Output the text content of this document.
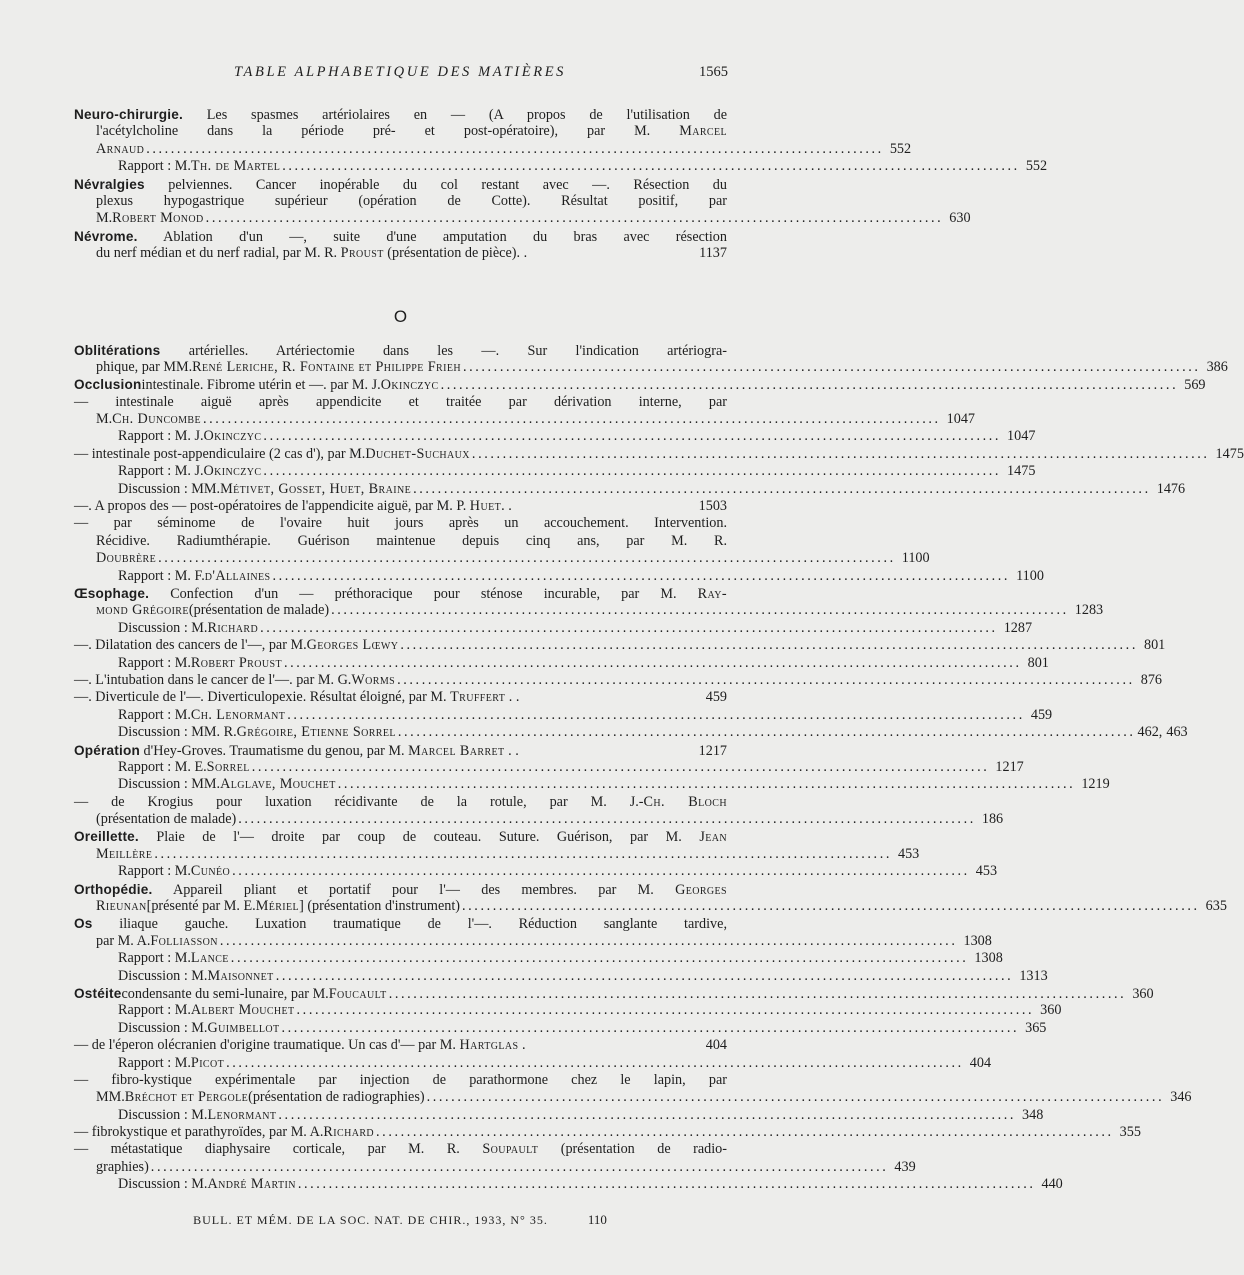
TABLE ALPHABETIQUE DES MATIÈRES	1565
Neuro-chirurgie. Les spasmes artériolaires en — (A propos de l'utilisation de
l'acétylcholine dans la période pré- et post-opératoire), par M. Marcel
Arnaud ........................................................................................................................ 552
Rapport : M. Th. de Martel ........................................................................................................................ 552
Névralgies pelviennes. Cancer inopérable du col restant avec —. Résection du
plexus hypogastrique supérieur (opération de Cotte). Résultat positif, par
M. Robert Monod ........................................................................................................................ 630
Névrome. Ablation d'un —, suite d'une amputation du bras avec résection
du nerf médian et du nerf radial, par M. R. Proust (présentation de pièce). .	1137
O
Oblitérations artérielles. Artériectomie dans les —. Sur l'indication artériogra-
phique, par MM. René Leriche, R. Fontaine et Philippe Frieh ........................................................................................................................ 386
Occlusion intestinale. Fibrome utérin et —. par M. J. Okinczyc ........................................................................................................................ 569
— intestinale aiguë après appendicite et traitée par dérivation interne, par
M. Ch. Duncombe ........................................................................................................................ 1047
Rapport : M. J. Okinczyc ........................................................................................................................ 1047
— intestinale post-appendiculaire (2 cas d'), par M. Duchet-Suchaux ........................................................................................................................ 1475
Rapport : M. J. Okinczyc ........................................................................................................................ 1475
Discussion : MM. Métivet, Gosset, Huet, Braine ........................................................................................................................ 1476
—. A propos des — post-opératoires de l'appendicite aiguë, par M. P. Huet. .	1503
— par séminome de l'ovaire huit jours après un accouchement. Intervention.
Récidive. Radiumthérapie. Guérison maintenue depuis cinq ans, par M. R.
Doubrère ........................................................................................................................ 1100
Rapport : M. F. d'Allaines ........................................................................................................................ 1100
Œsophage. Confection d'un — préthoracique pour sténose incurable, par M. Ray-
mond Grégoire (présentation de malade) ........................................................................................................................ 1283
Discussion : M. Richard ........................................................................................................................ 1287
—. Dilatation des cancers de l'—, par M. Georges Lœwy ........................................................................................................................ 801
Rapport : M. Robert Proust ........................................................................................................................ 801
—. L'intubation dans le cancer de l'—. par M. G. Worms ........................................................................................................................ 876
—. Diverticule de l'—. Diverticulopexie. Résultat éloigné, par M. Truffert . .	459
Rapport : M. Ch. Lenormant ........................................................................................................................ 459
Discussion : MM. R. Grégoire, Etienne Sorrel ........................................................................................................................ 462, 463
Opération d'Hey-Groves. Traumatisme du genou, par M. Marcel Barret . .	1217
Rapport : M. E. Sorrel ........................................................................................................................ 1217
Discussion : MM. Alglave, Mouchet ........................................................................................................................ 1219
— de Krogius pour luxation récidivante de la rotule, par M. J.-Ch. Bloch
(présentation de malade) ........................................................................................................................ 186
Oreillette. Plaie de l'— droite par coup de couteau. Suture. Guérison, par M. Jean
Meillère ........................................................................................................................ 453
Rapport : M. Cunéo ........................................................................................................................ 453
Orthopédie. Appareil pliant et portatif pour l'— des membres. par M. Georges
Rieunan [présenté par M. E. Mériel ] (présentation d'instrument) ........................................................................................................................ 635
Os iliaque gauche. Luxation traumatique de l'—. Réduction sanglante tardive,
par M. A. Folliasson ........................................................................................................................ 1308
Rapport : M. Lance ........................................................................................................................ 1308
Discussion : M. Maisonnet ........................................................................................................................ 1313
Ostéite condensante du semi-lunaire, par M. Foucault ........................................................................................................................ 360
Rapport : M. Albert Mouchet ........................................................................................................................ 360
Discussion : M. Guimbellot ........................................................................................................................ 365
— de l'éperon olécranien d'origine traumatique. Un cas d'— par M. Hartglas .	404
Rapport : M. Picot ........................................................................................................................ 404
— fibro-kystique expérimentale par injection de parathormone chez le lapin, par
MM. Bréchot et Pergole (présentation de radiographies) ........................................................................................................................ 346
Discussion : M. Lenormant ........................................................................................................................ 348
— fibrokystique et parathyroïdes, par M. A. Richard ........................................................................................................................ 355
— métastatique diaphysaire corticale, par M. R. Soupault (présentation de radio-
graphies) ........................................................................................................................ 439
Discussion : M. André Martin ........................................................................................................................ 440
BULL. ET MÉM. DE LA SOC. NAT. DE CHIR., 1933, N° 35.	110
